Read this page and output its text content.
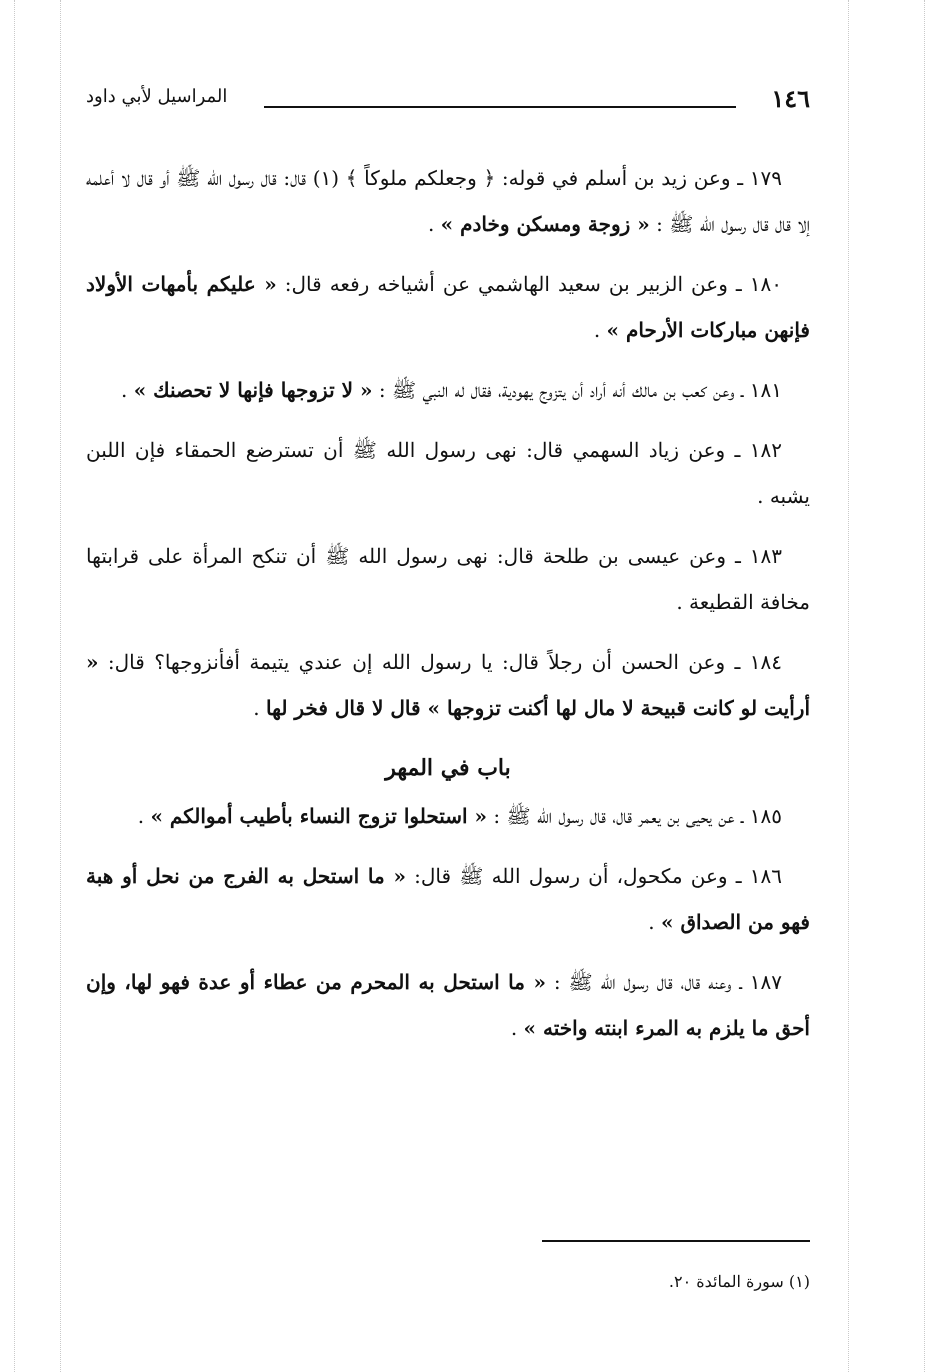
١٤٦
المراسيل لأبي داود

١٧٩ ـ وعن زيد بن أسلم في قوله: ﴿ وجعلكم ملوكاً ﴾ (١) قال: قال رسول الله ﷺ أو قال لا أعلمه إلا قال قال رسول الله ﷺ : « زوجة ومسكن وخادم » .

١٨٠ ـ وعن الزبير بن سعيد الهاشمي عن أشياخه رفعه قال: « عليكم بأمهات الأولاد فإنهن مباركات الأرحام » .

١٨١ ـ وعن كعب بن مالك أنه أراد أن يتزوج يهودية، فقال له النبي ﷺ : « لا تزوجها فإنها لا تحصنك » .

١٨٢ ـ وعن زياد السهمي قال: نهى رسول الله ﷺ أن تسترضع الحمقاء فإن اللبن يشبه .

١٨٣ ـ وعن عيسى بن طلحة قال: نهى رسول الله ﷺ أن تنكح المرأة على قرابتها مخافة القطيعة .

١٨٤ ـ وعن الحسن أن رجلاً قال: يا رسول الله إن عندي يتيمة أفأنزوجها؟ قال: « أرأيت لو كانت قبيحة لا مال لها أكنت تزوجها » قال لا قال فخر لها .

باب في المهر

١٨٥ ـ عن يحيى بن يعمر قال، قال رسول الله ﷺ : « استحلوا تزوج النساء بأطيب أموالكم » .

١٨٦ ـ وعن مكحول، أن رسول الله ﷺ قال: « ما استحل به الفرج من نحل أو هبة فهو من الصداق » .

١٨٧ ـ وعنه قال، قال رسول الله ﷺ : « ما استحل به المحرم من عطاء أو عدة فهو لها، وإن أحق ما يلزم به المرء ابنته واخته » .

(١) سورة المائدة ٢٠.
